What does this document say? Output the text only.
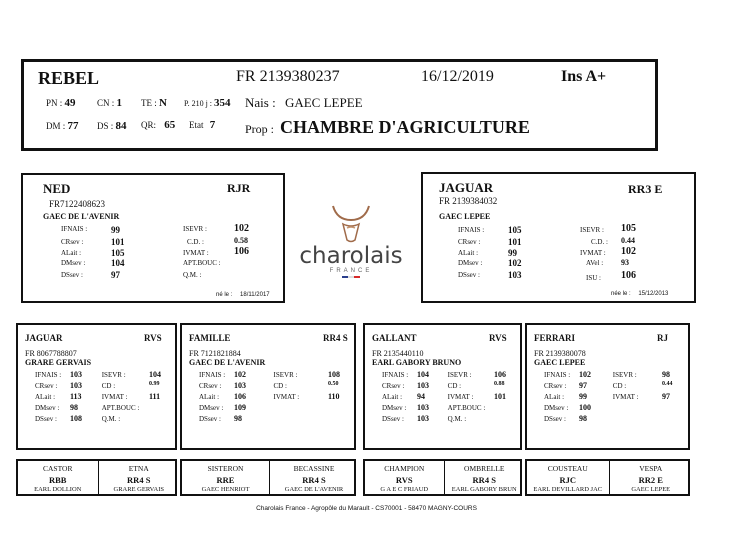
REBEL	FR 2139380237	16/12/2019	Ins A+
PN : 49 CN : 1 TE : N P. 210 j : 354 Nais : GAEC LEPEE
DM : 77 DS : 84 QR: 65 Etat 7 Prop : CHAMBRE D'AGRICULTURE
NED	RJR
FR7122408623
GAEC DE L'AVENIR
IFNAIS :	99	ISEVR :	102
CRsev :	101	C.D. :	0.58
ALait :	105	IVMAT :	106
DMsev :	104	APT.BOUC :
DSsev :	97	Q.M. :
né le : 18/11/2017
charolais
FRANCE
JAGUAR	RR3 E
FR 2139384032
GAEC LEPEE
IFNAIS :	105	ISEVR : 105
CRsev :	101	C.D. : 0.44
ALait :	99	IVMAT : 102
DMsev :	102	AVel : 93
DSsev :	103	ISU : 106
née le : 15/12/2013
JAGUAR	RVS
FR 8067788807
GRARE GERVAIS
IFNAIS : 103	ISEVR :	104
CRsev : 103	CD :	0.99
ALait : 113	IVMAT :	111
DMsev : 98	APT.BOUC :
DSsev : 108	Q.M. :
FAMILLE	RR4 S
FR 7121821884
GAEC DE L'AVENIR
IFNAIS : 102	ISEVR :	108
CRsev : 103	CD :	0.50
ALait : 106	IVMAT :	110
DMsev : 109
DSsev : 98
GALLANT	RVS
FR 2135440110
EARL GABORY BRUNO
IFNAIS : 104	ISEVR :	106
CRsev : 103	CD :	0.88
ALait : 94	IVMAT :	101
DMsev : 103	APT.BOUC :
DSsev : 103	Q.M. :
FERRARI	RJ
FR 2139380078
GAEC LEPEE
IFNAIS : 102	ISEVR :	98
CRsev : 97	CD :	0.44
ALait : 99	IVMAT :	97
DMsev : 100
DSsev : 98
CASTOR
RBB
EARL DOLLION
ETNA
RR4 S
GRARE GERVAIS
SISTERON
RRE
GAEC HENRIOT
BECASSINE
RR4 S
GAEC DE L'AVENIR
CHAMPION
RVS
G A E C FRIAUD
OMBRELLE
RR4 S
EARL GABORY BRUN
COUSTEAU
RJC
EARL DEVILLARD JAC
VESPA
RR2 E
GAEC LEPEE
Charolais France - Agropôle du Marault - CS70001 - 58470 MAGNY-COURS
